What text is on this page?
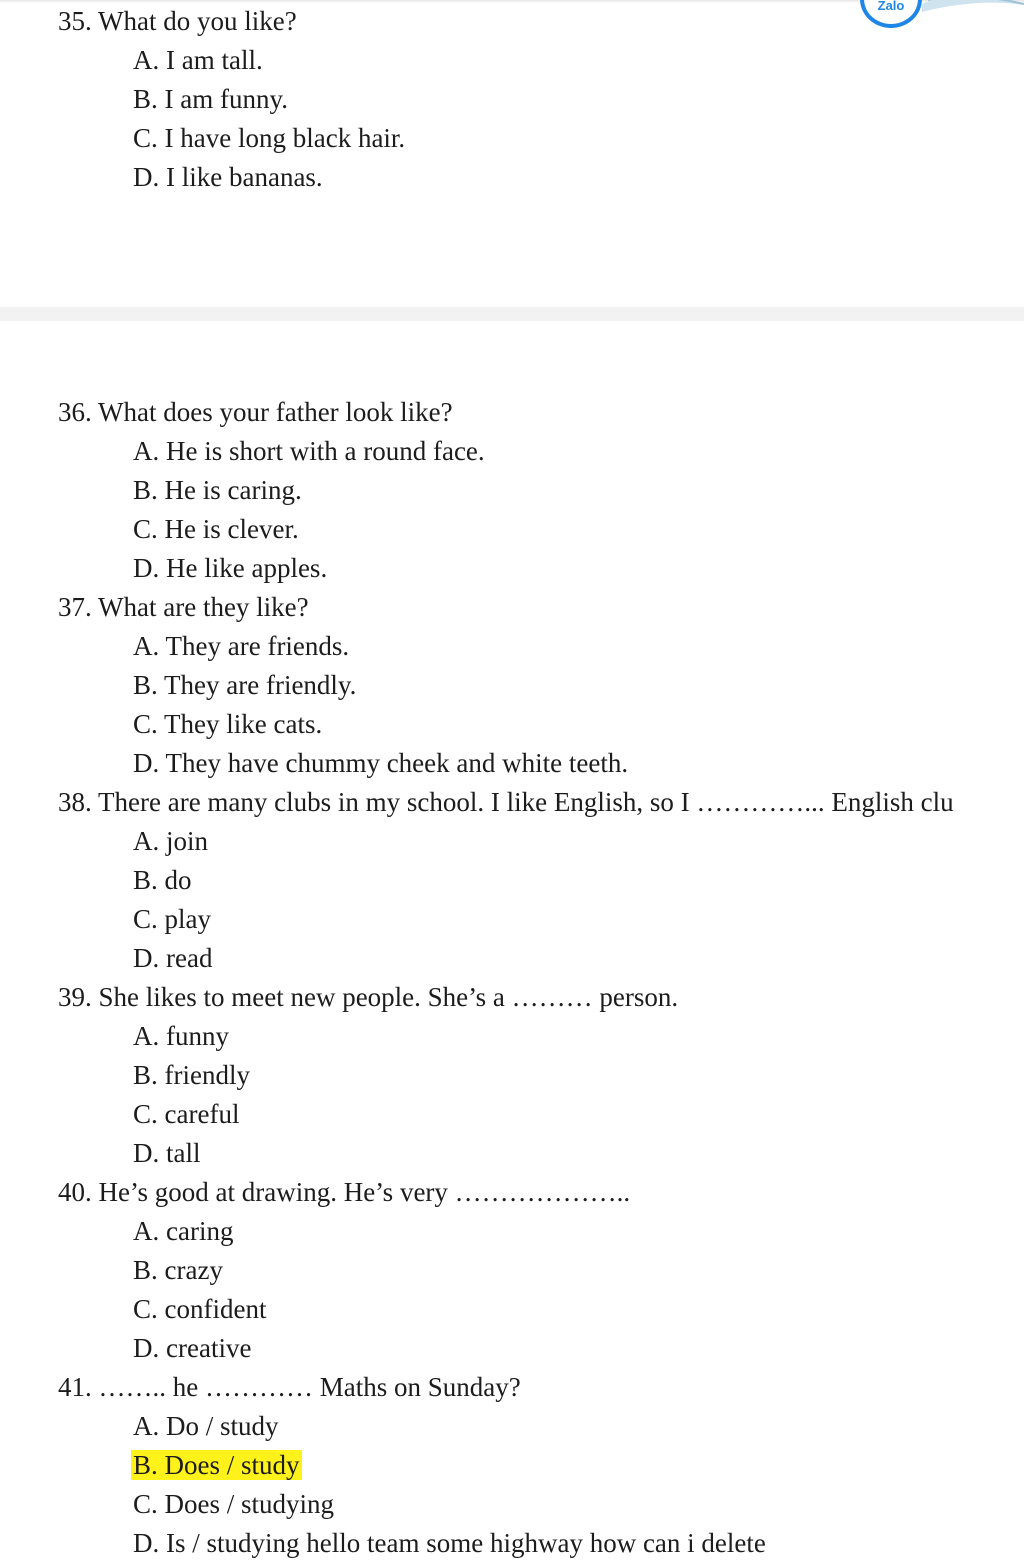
Zalo
35. What do you like?
A. I am tall.
B. I am funny.
C. I have long black hair.
D. I like bananas.
36. What does your father look like?
A. He is short with a round face.
B. He is caring.
C. He is clever.
D. He like apples.
37. What are they like?
A. They are friends.
B. They are friendly.
C. They like cats.
D. They have chummy cheek and white teeth.
38. There are many clubs in my school. I like English, so I …………... English clu
A. join
B. do
C. play
D. read
39. She likes to meet new people. She’s a ……… person.
A. funny
B. friendly
C. careful
D. tall
40. He’s good at drawing. He’s very ………………..
A. caring
B. crazy
C. confident
D. creative
41. …….. he ………… Maths on Sunday?
A. Do / study
B. Does / study
C. Does / studying
D. Is / studying hello team some highway how can i delete
